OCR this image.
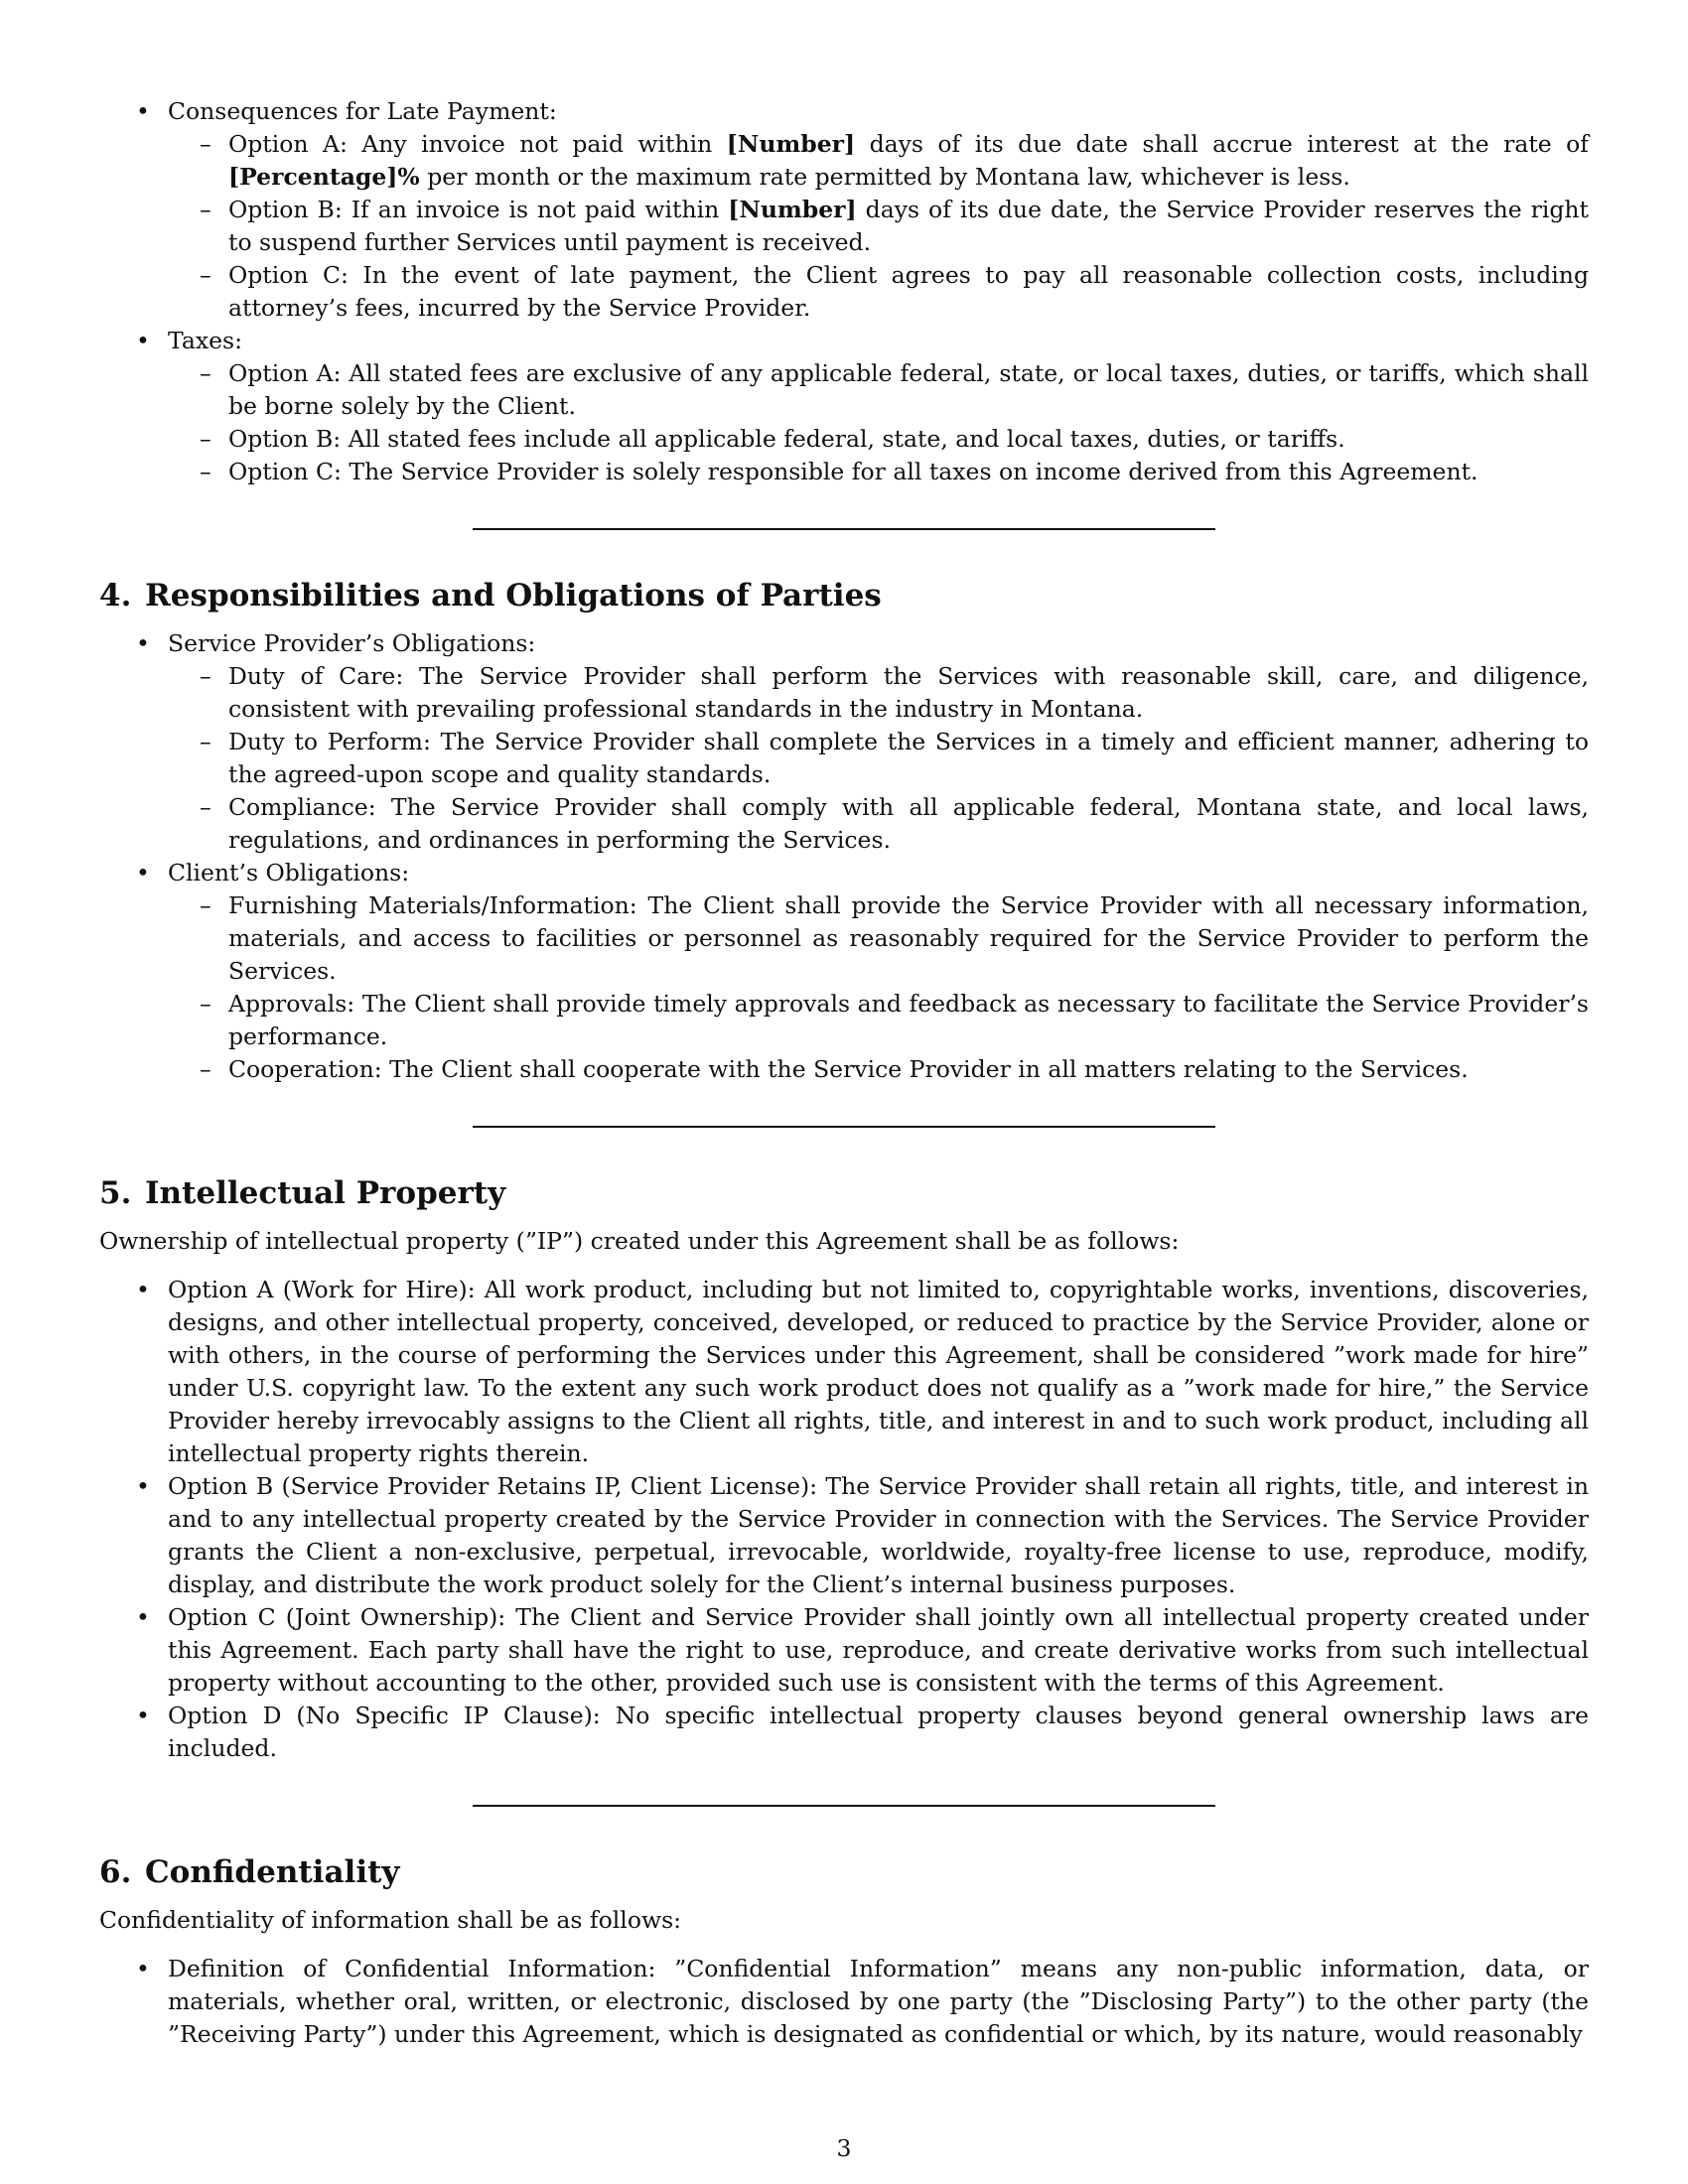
• Consequences for Late Payment:
– Option A: Any invoice not paid within [Number] days of its due date shall accrue interest at the rate of [Percentage]% per month or the maximum rate permitted by Montana law, whichever is less.
– Option B: If an invoice is not paid within [Number] days of its due date, the Service Provider reserves the right to suspend further Services until payment is received.
– Option C: In the event of late payment, the Client agrees to pay all reasonable collection costs, including attorney’s fees, incurred by the Service Provider.
• Taxes:
– Option A: All stated fees are exclusive of any applicable federal, state, or local taxes, duties, or tariffs, which shall be borne solely by the Client.
– Option B: All stated fees include all applicable federal, state, and local taxes, duties, or tariffs.
– Option C: The Service Provider is solely responsible for all taxes on income derived from this Agreement.
4. Responsibilities and Obligations of Parties
• Service Provider’s Obligations:
– Duty of Care: The Service Provider shall perform the Services with reasonable skill, care, and diligence, consistent with prevailing professional standards in the industry in Montana.
– Duty to Perform: The Service Provider shall complete the Services in a timely and efficient manner, adhering to the agreed-upon scope and quality standards.
– Compliance: The Service Provider shall comply with all applicable federal, Montana state, and local laws, regulations, and ordinances in performing the Services.
• Client’s Obligations:
– Furnishing Materials/Information: The Client shall provide the Service Provider with all necessary information, materials, and access to facilities or personnel as reasonably required for the Service Provider to perform the Services.
– Approvals: The Client shall provide timely approvals and feedback as necessary to facilitate the Service Provider’s performance.
– Cooperation: The Client shall cooperate with the Service Provider in all matters relating to the Services.
5. Intellectual Property

Ownership of intellectual property (”IP”) created under this Agreement shall be as follows:

• Option A (Work for Hire): All work product, including but not limited to, copyrightable works, inventions, discoveries, designs, and other intellectual property, conceived, developed, or reduced to practice by the Service Provider, alone or with others, in the course of performing the Services under this Agreement, shall be considered ”work made for hire” under U.S. copyright law. To the extent any such work product does not qualify as a ”work made for hire,” the Service Provider hereby irrevocably assigns to the Client all rights, title, and interest in and to such work product, including all intellectual property rights therein.
• Option B (Service Provider Retains IP, Client License): The Service Provider shall retain all rights, title, and interest in and to any intellectual property created by the Service Provider in connection with the Services. The Service Provider grants the Client a non-exclusive, perpetual, irrevocable, worldwide, royalty-free license to use, reproduce, modify, display, and distribute the work product solely for the Client’s internal business purposes.
• Option C (Joint Ownership): The Client and Service Provider shall jointly own all intellectual property created under this Agreement. Each party shall have the right to use, reproduce, and create derivative works from such intellectual property without accounting to the other, provided such use is consistent with the terms of this Agreement.
• Option D (No Specific IP Clause): No specific intellectual property clauses beyond general ownership laws are included.
6. Confidentiality

Confidentiality of information shall be as follows:

• Definition of Confidential Information: ”Confidential Information” means any non-public information, data, or materials, whether oral, written, or electronic, disclosed by one party (the ”Disclosing Party”) to the other party (the ”Receiving Party”) under this Agreement, which is designated as confidential or which, by its nature, would reasonably
3
